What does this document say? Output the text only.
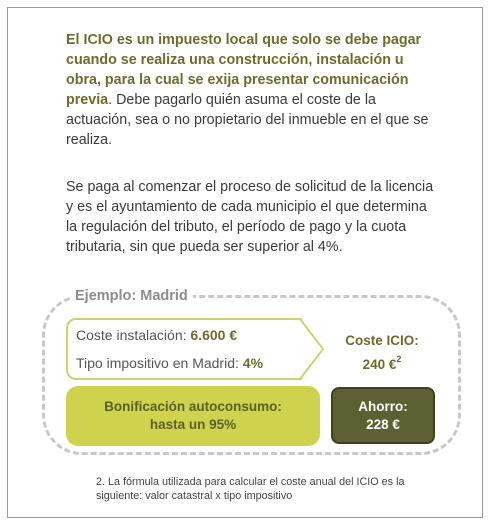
El ICIO es un impuesto local que solo se debe pagar cuando se realiza una construcción, instalación u obra, para la cual se exija presentar comunicación previa. Debe pagarlo quién asuma el coste de la actuación, sea o no propietario del inmueble en el que se realiza.

Se paga al comenzar el proceso de solicitud de la licencia y es el ayuntamiento de cada municipio el que determina la regulación del tributo, el período de pago y la cuota tributaria, sin que pueda ser superior al 4%.

Ejemplo: Madrid
Coste instalación: 6.600 €
Tipo impositivo en Madrid: 4%
Coste ICIO:
240 €$^2$
Bonificación autoconsumo:
hasta un 95%
Ahorro:
228 €
2. La fórmula utilizada para calcular el coste anual del ICIO es la siguiente: valor catastral x tipo impositivo
